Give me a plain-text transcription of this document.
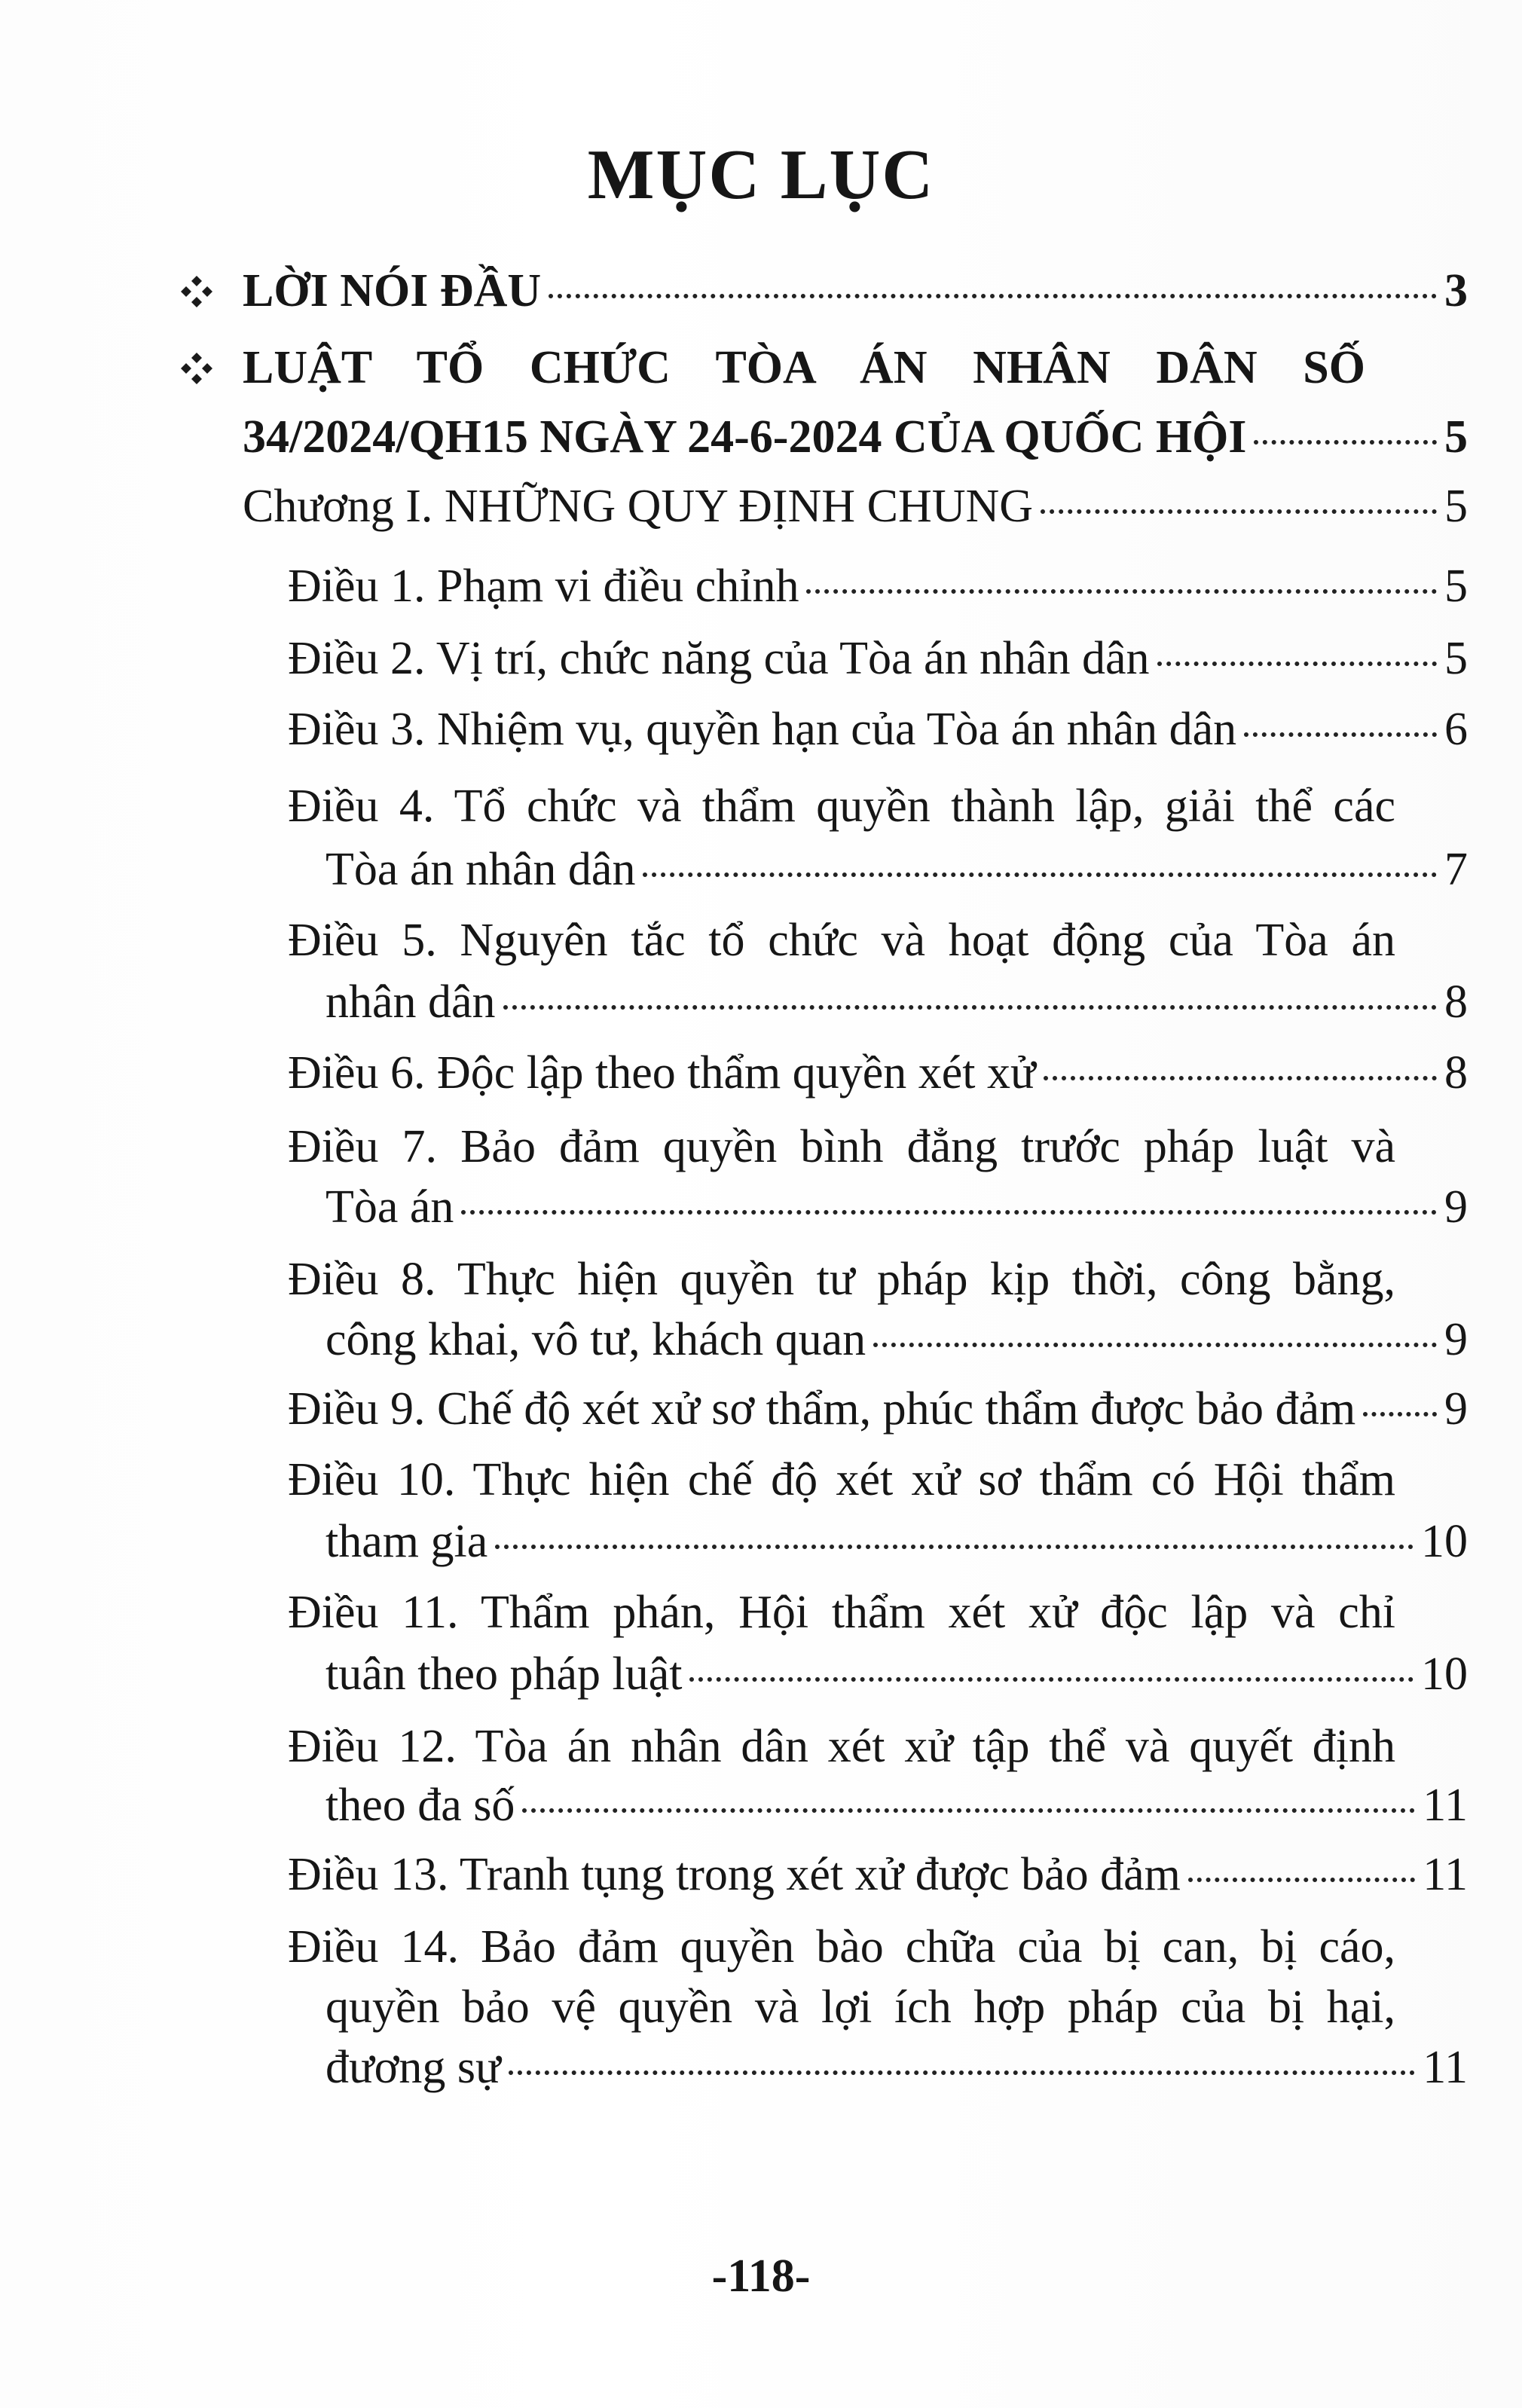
MỤC LỤC
LỜI NÓI ĐẦU	3
LUẬT TỔ CHỨC TÒA ÁN NHÂN DÂN SỐ
34/2024/QH15 NGÀY 24-6-2024 CỦA QUỐC HỘI	5
Chương I. NHỮNG QUY ĐỊNH CHUNG	5
Điều 1. Phạm vi điều chỉnh	5
Điều 2. Vị trí, chức năng của Tòa án nhân dân	5
Điều 3. Nhiệm vụ, quyền hạn của Tòa án nhân dân	6
Điều 4. Tổ chức và thẩm quyền thành lập, giải thể các
Tòa án nhân dân	7
Điều 5. Nguyên tắc tổ chức và hoạt động của Tòa án
nhân dân	8
Điều 6. Độc lập theo thẩm quyền xét xử	8
Điều 7. Bảo đảm quyền bình đẳng trước pháp luật và
Tòa án	9
Điều 8. Thực hiện quyền tư pháp kịp thời, công bằng,
công khai, vô tư, khách quan	9
Điều 9. Chế độ xét xử sơ thẩm, phúc thẩm được bảo đảm 9
Điều 10. Thực hiện chế độ xét xử sơ thẩm có Hội thẩm
tham gia	10
Điều 11. Thẩm phán, Hội thẩm xét xử độc lập và chỉ
tuân theo pháp luật	10
Điều 12. Tòa án nhân dân xét xử tập thể và quyết định
theo đa số	11
Điều 13. Tranh tụng trong xét xử được bảo đảm	11
Điều 14. Bảo đảm quyền bào chữa của bị can, bị cáo,
quyền bảo vệ quyền và lợi ích hợp pháp của bị hại,
đương sự	11
-118-
